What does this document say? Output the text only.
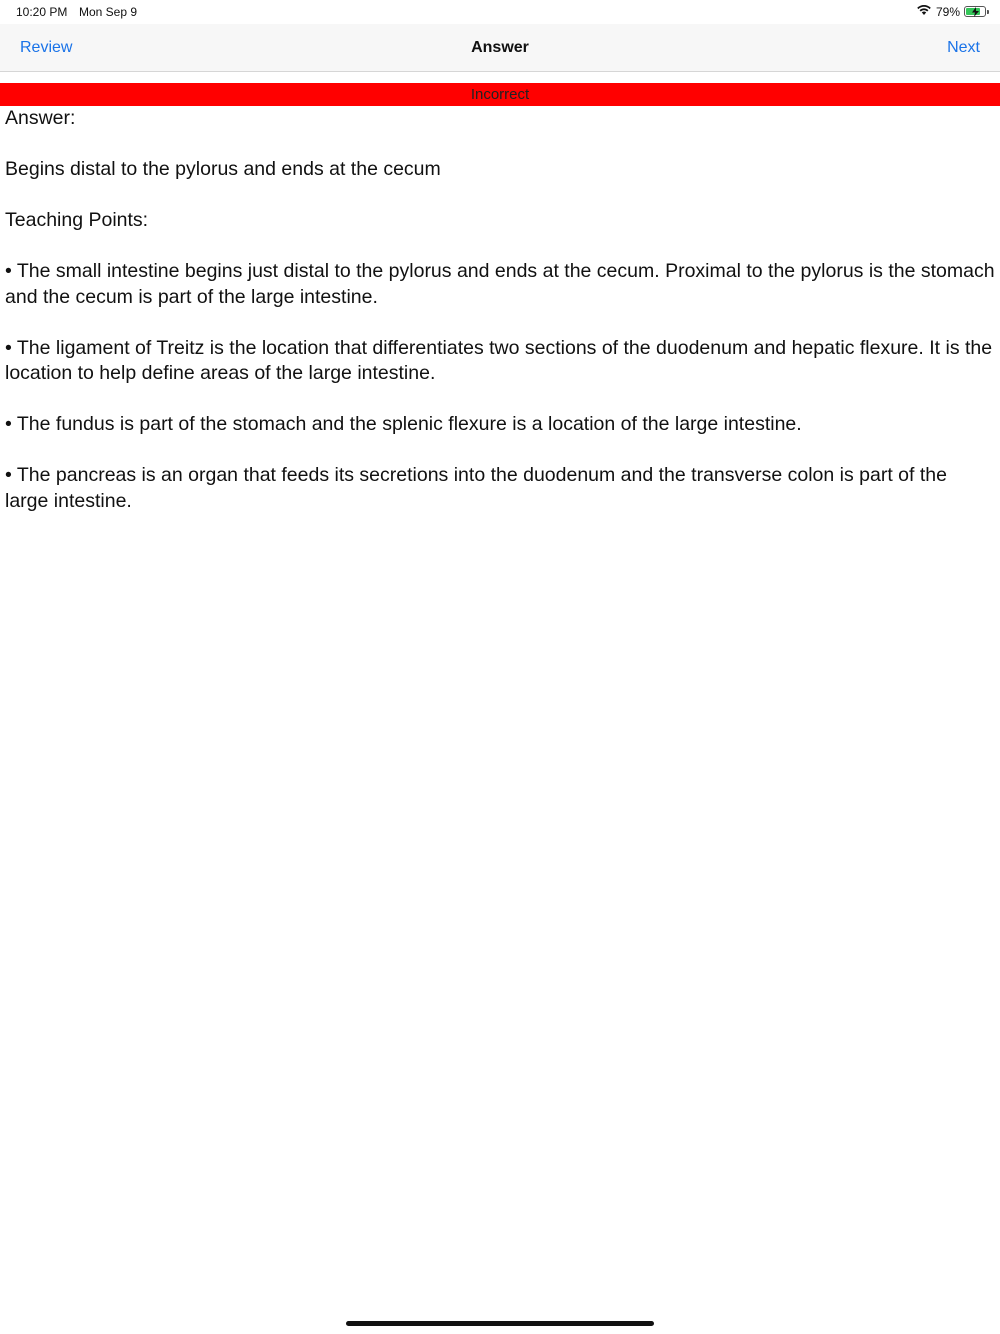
10:20 PM Mon Sep 9	79%
Review	Answer	Next
Incorrect

Answer:

Begins distal to the pylorus and ends at the cecum

Teaching Points:

• The small intestine begins just distal to the pylorus and ends at the cecum. Proximal to the pylorus is the stomach and the cecum is part of the large intestine.

• The ligament of Treitz is the location that differentiates two sections of the duodenum and hepatic flexure. It is the location to help define areas of the large intestine.

• The fundus is part of the stomach and the splenic flexure is a location of the large intestine.

• The pancreas is an organ that feeds its secretions into the duodenum and the transverse colon is part of the large intestine.
